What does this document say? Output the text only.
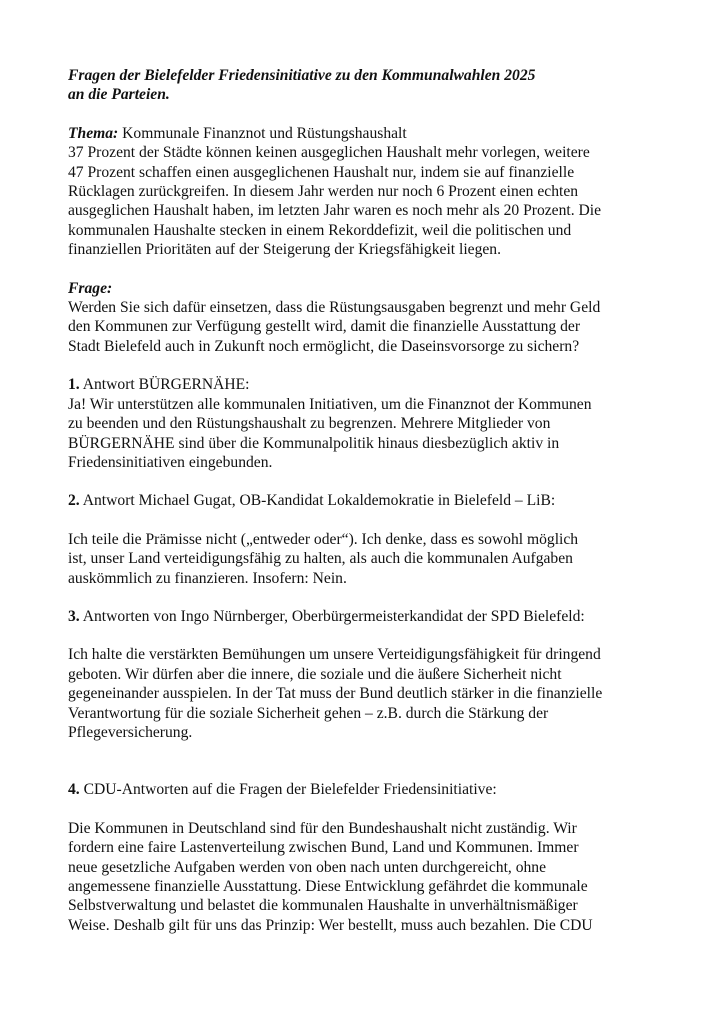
Fragen der Bielefelder Friedensinitiative zu den Kommunalwahlen 2025
an die Parteien.

Thema: Kommunale Finanznot und Rüstungshaushalt
37 Prozent der Städte können keinen ausgeglichen Haushalt mehr vorlegen, weitere
47 Prozent schaffen einen ausgeglichenen Haushalt nur, indem sie auf finanzielle
Rücklagen zurückgreifen. In diesem Jahr werden nur noch 6 Prozent einen echten
ausgeglichen Haushalt haben, im letzten Jahr waren es noch mehr als 20 Prozent. Die
kommunalen Haushalte stecken in einem Rekorddefizit, weil die politischen und
finanziellen Prioritäten auf der Steigerung der Kriegsfähigkeit liegen.
Frage:
Werden Sie sich dafür einsetzen, dass die Rüstungsausgaben begrenzt und mehr Geld
den Kommunen zur Verfügung gestellt wird, damit die finanzielle Ausstattung der
Stadt Bielefeld auch in Zukunft noch ermöglicht, die Daseinsvorsorge zu sichern?
1. Antwort BÜRGERNÄHE:
Ja! Wir unterstützen alle kommunalen Initiativen, um die Finanznot der Kommunen
zu beenden und den Rüstungshaushalt zu begrenzen. Mehrere Mitglieder von
BÜRGERNÄHE sind über die Kommunalpolitik hinaus diesbezüglich aktiv in
Friedensinitiativen eingebunden.
2. Antwort Michael Gugat, OB-Kandidat Lokaldemokratie in Bielefeld – LiB:
Ich teile die Prämisse nicht („entweder oder“). Ich denke, dass es sowohl möglich
ist, unser Land verteidigungsfähig zu halten, als auch die kommunalen Aufgaben
auskömmlich zu finanzieren. Insofern: Nein.
3. Antworten von Ingo Nürnberger, Oberbürgermeisterkandidat der SPD Bielefeld:
Ich halte die verstärkten Bemühungen um unsere Verteidigungsfähigkeit für dringend
geboten. Wir dürfen aber die innere, die soziale und die äußere Sicherheit nicht
gegeneinander ausspielen. In der Tat muss der Bund deutlich stärker in die finanzielle
Verantwortung für die soziale Sicherheit gehen – z.B. durch die Stärkung der
Pflegeversicherung.
4. CDU-Antworten auf die Fragen der Bielefelder Friedensinitiative:
Die Kommunen in Deutschland sind für den Bundeshaushalt nicht zuständig. Wir
fordern eine faire Lastenverteilung zwischen Bund, Land und Kommunen. Immer
neue gesetzliche Aufgaben werden von oben nach unten durchgereicht, ohne
angemessene finanzielle Ausstattung. Diese Entwicklung gefährdet die kommunale
Selbstverwaltung und belastet die kommunalen Haushalte in unverhältnismäßiger
Weise. Deshalb gilt für uns das Prinzip: Wer bestellt, muss auch bezahlen. Die CDU
